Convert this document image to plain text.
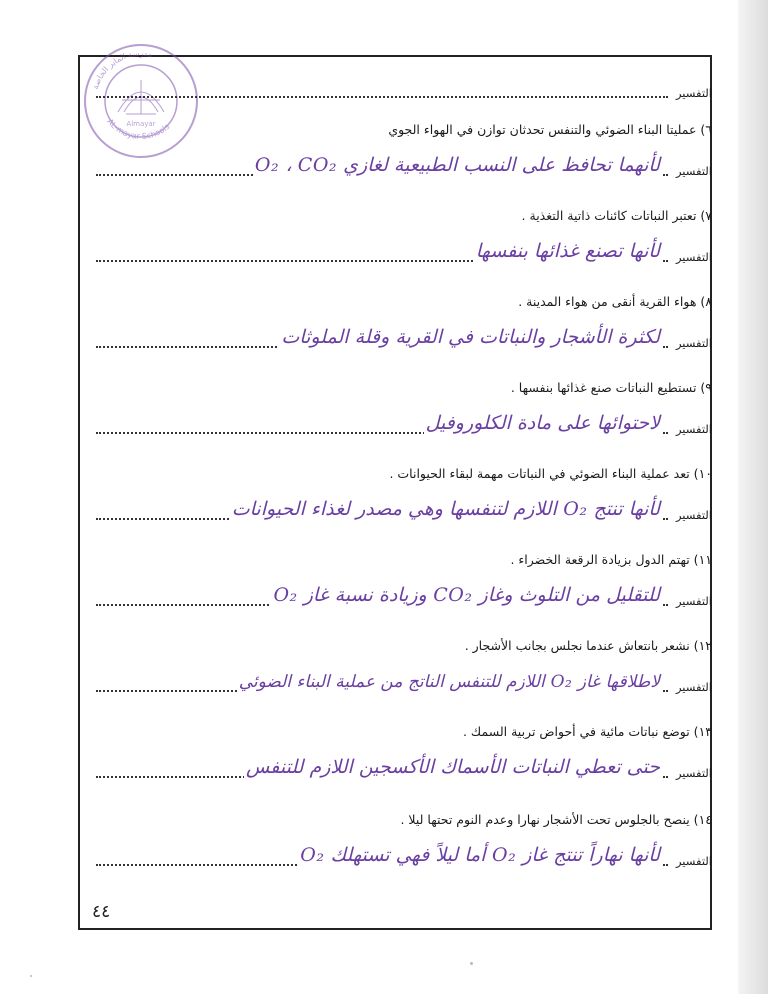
مدرسة الماير الخاصة
AL-mayar Schools
Almayar
التفسير
٦) عمليتا البناء الضوئي والتنفس تحدثان توازن في الهواء الجوي
التفسير
لأنهما تحافظ على النسب الطبيعية لغازي O₂ ، CO₂
٧) تعتبر النباتات كائنات ذاتية التغذية .
التفسير
لأنها تصنع غذائها بنفسها
٨) هواء القرية أنقى من هواء المدينة .
التفسير
لكثرة الأشجار والنباتات في القرية وقلة الملوثات
٩) تستطيع النباتات صنع غذائها بنفسها .
التفسير
لاحتوائها على مادة الكلوروفيل
١٠) تعد عملية البناء الضوئي في النباتات مهمة لبقاء الحيوانات .
التفسير
لأنها تنتج O₂ اللازم لتنفسها وهي مصدر لغذاء الحيوانات
١١) تهتم الدول بزيادة الرقعة الخضراء .
التفسير
للتقليل من التلوث وغاز CO₂ وزيادة نسبة غاز O₂
١٢) نشعر بانتعاش عندما نجلس بجانب الأشجار .
التفسير
لاطلاقها غاز O₂ اللازم للتنفس الناتج من عملية البناء الضوئي
١٣) توضع نباتات مائية في أحواض تربية السمك .
التفسير
حتى تعطي النباتات الأسماك الأكسجين اللازم للتنفس
١٤) ينصح بالجلوس تحت الأشجار نهارا وعدم النوم تحتها ليلا .
التفسير
لأنها نهاراً تنتج غاز O₂ أما ليلاً فهي تستهلك O₂
٤٤
